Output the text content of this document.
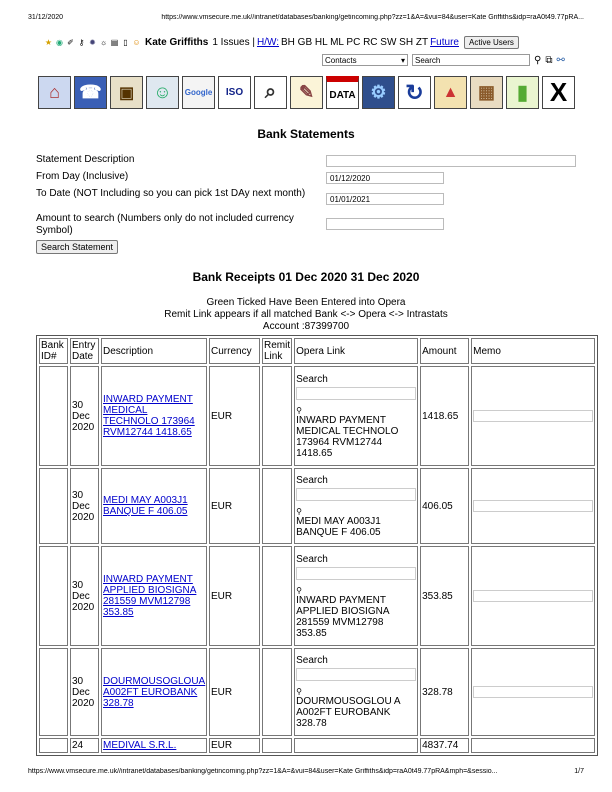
31/12/2020	https://www.vmsecure.me.uk//intranet/databases/banking/getincoming.php?zz=1&A=&vui=84&user=Kate Griffiths&idp=raA0t49.77pRA...
★ ◉ ✐ ⚷ ✹ ☼ ▤ ▯ ☺ Kate Griffiths 1 Issues | H/W: BH GB HL ML PC RC SW SH ZT Future	Active Users
Contacts	▾	Search	⚲ ⧉ ⚯
⌂	☎	▣	☺	Google	ISO	⌕	✎	DATA ⚙ ↻	▲	▦	▮ X
Bank Statements
Statement Description
From Day (Inclusive)	01/12/2020
To Date (NOT Including so you can pick 1st DAy next month)
01/01/2021
Amount to search (Numbers only do not included currency Symbol)
Search Statement
Bank Receipts 01 Dec 2020 31 Dec 2020
Green Ticked Have Been Entered into Opera
Remit Link appears if all matched Bank <-> Opera <-> Intrastats
Account :87399700
Bank ID#	Entry Date	Description	Currency	Remit Link	Opera Link	Amount	Memo
	30 Dec 2020	INWARD PAYMENT MEDICAL TECHNOLO 173964 RVM12744 1418.65	EUR		Search
⚲
INWARD PAYMENT MEDICAL TECHNOLO 173964 RVM12744 1418.65	1418.65	

	30 Dec 2020	MEDI MAY A003J1 BANQUE F 406.05	EUR		Search
⚲
MEDI MAY A003J1 BANQUE F 406.05	406.05	

	30 Dec 2020	INWARD PAYMENT APPLIED BIOSIGNA 281559 MVM12798 353.85	EUR		Search
⚲
INWARD PAYMENT APPLIED BIOSIGNA 281559 MVM12798 353.85	353.85	

	30 Dec 2020	DOURMOUSOGLOUA A002FT EUROBANK 328.78	EUR		Search
⚲
DOURMOUSOGLOU A A002FT EUROBANK 328.78	328.78	

	24	MEDIVAL S.R.L.	EUR			4837.74	
https://www.vmsecure.me.uk//intranet/databases/banking/getincoming.php?zz=1&A=&vui=84&user=Kate Griffiths&idp=raA0t49.77pRA&mph=&sessio...	1/7
